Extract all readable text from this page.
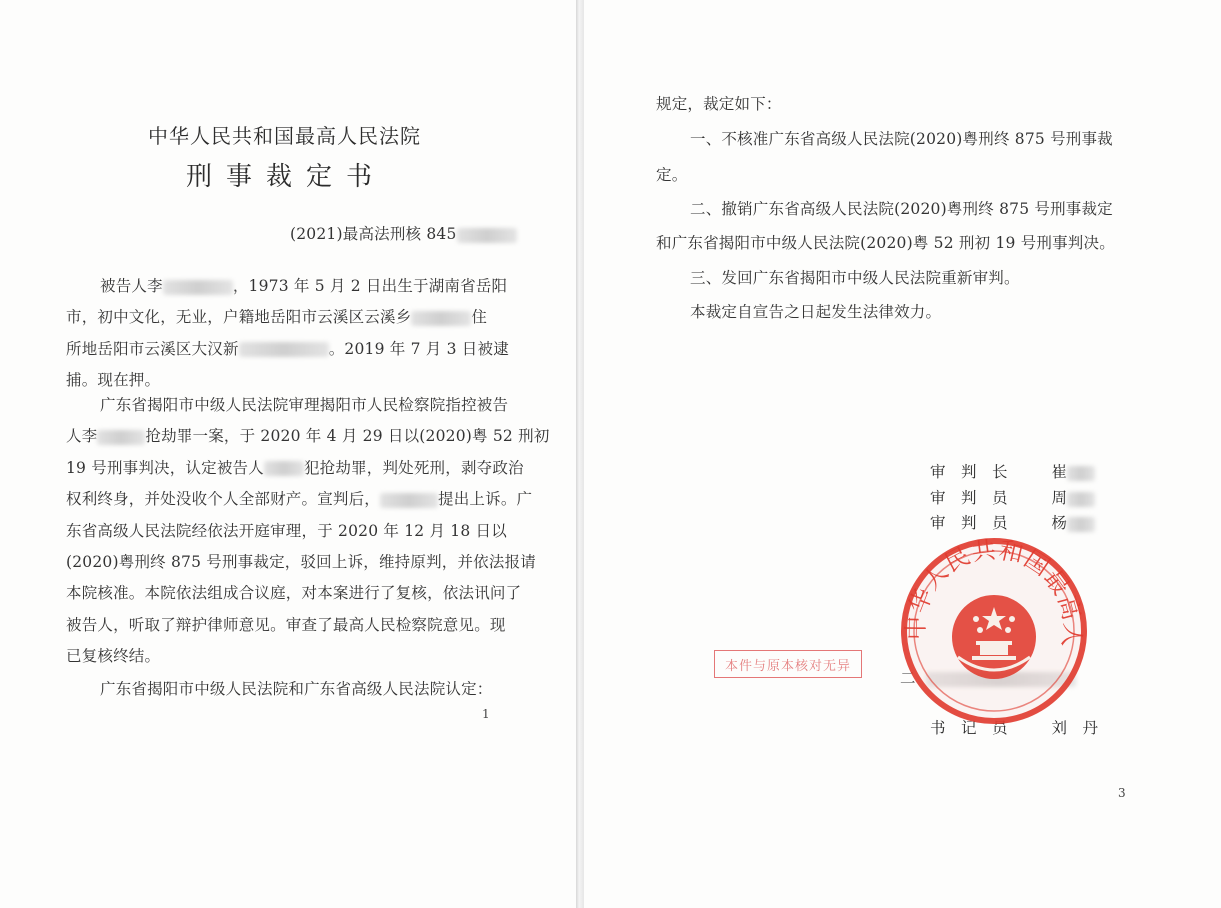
中华人民共和国最高人民法院
刑事裁定书
(2021)最高法刑核 845
被告人李	，1973 年 5 月 2 日出生于湖南省岳阳
市，初中文化，无业，户籍地岳阳市云溪区云溪乡	住
所地岳阳市云溪区大汉新	。2019 年 7 月 3 日被逮
捕。现在押。
广东省揭阳市中级人民法院审理揭阳市人民检察院指控被告
人李	抢劫罪一案，于 2020 年 4 月 29 日以(2020)粤 52 刑初
19 号刑事判决，认定被告人	犯抢劫罪，判处死刑，剥夺政治
权利终身，并处没收个人全部财产。宣判后，	提出上诉。广
东省高级人民法院经依法开庭审理，于 2020 年 12 月 18 日以
(2020)粤刑终 875 号刑事裁定，驳回上诉，维持原判，并依法报请
本院核准。本院依法组成合议庭，对本案进行了复核，依法讯问了
被告人，听取了辩护律师意见。审查了最高人民检察院意见。现
已复核终结。
广东省揭阳市中级人民法院和广东省高级人民法院认定：
1
规定，裁定如下：
一、不核准广东省高级人民法院(2020)粤刑终 875 号刑事裁
定。
二、撤销广东省高级人民法院(2020)粤刑终 875 号刑事裁定
和广东省揭阳市中级人民法院(2020)粤 52 刑初 19 号刑事判决。
三、发回广东省揭阳市中级人民法院重新审判。
本裁定自宣告之日起发生法律效力。
审　判　长	崔
审　判　员	周
审　判　员	杨
二
书　记　员	刘　丹
3
本件与原本核对无异
中华人民共和国最高人
